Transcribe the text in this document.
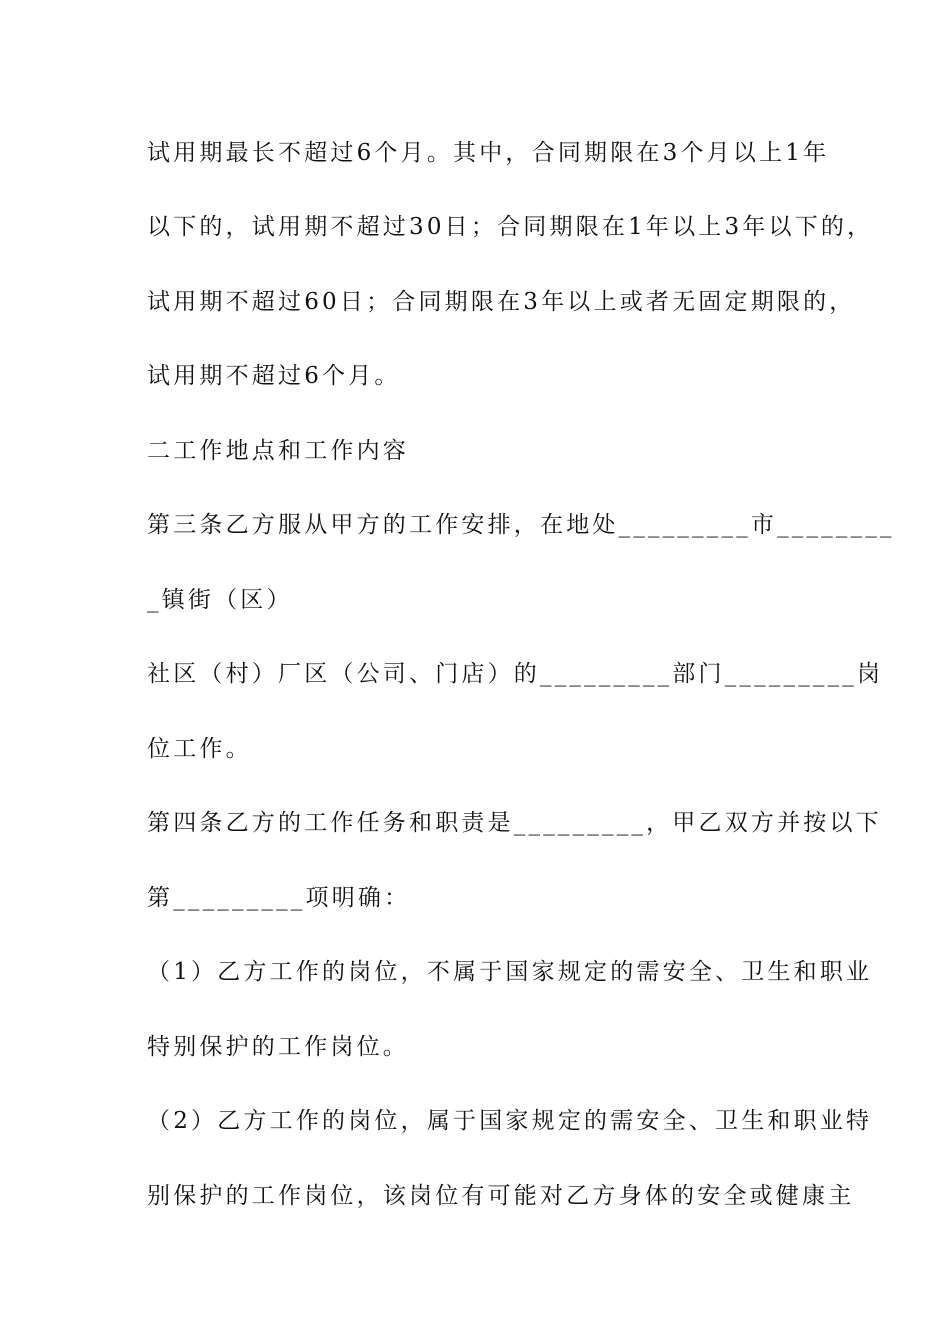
试用期最长不超过6个月。其中，合同期限在3个月以上1年
以下的，试用期不超过30日；合同期限在1年以上3年以下的，
试用期不超过60日；合同期限在3年以上或者无固定期限的，
试用期不超过6个月。
二工作地点和工作内容
第三条乙方服从甲方的工作安排，在地处_________市________
_镇街（区）
社区（村）厂区（公司、门店）的_________部门_________岗
位工作。
第四条乙方的工作任务和职责是_________，甲乙双方并按以下
第_________项明确：
（1）乙方工作的岗位，不属于国家规定的需安全、卫生和职业
特别保护的工作岗位。
（2）乙方工作的岗位，属于国家规定的需安全、卫生和职业特
别保护的工作岗位，该岗位有可能对乙方身体的安全或健康主
